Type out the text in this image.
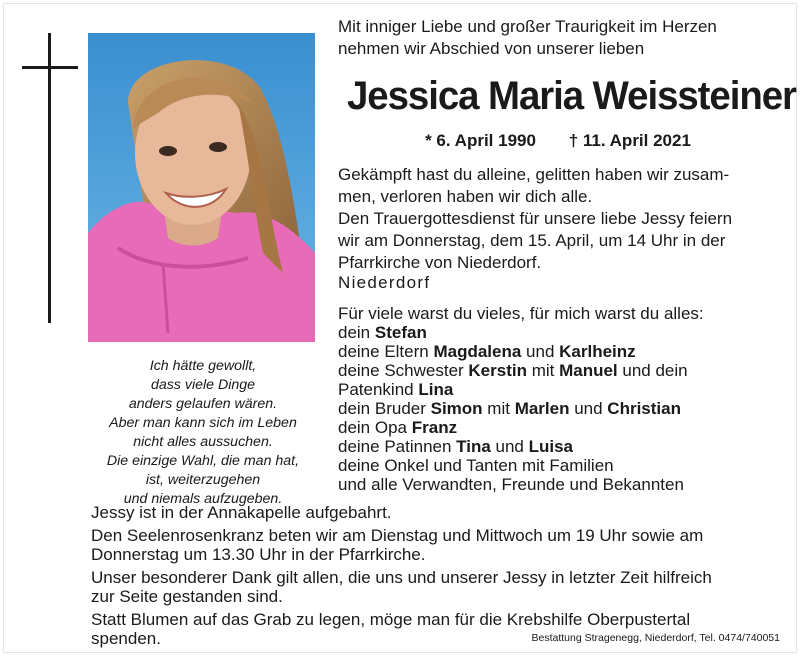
Ich hätte gewollt,
dass viele Dinge
anders gelaufen wären.
Aber man kann sich im Leben
nicht alles aussuchen.
Die einzige Wahl, die man hat,
ist, weiterzugehen
und niemals aufzugeben.
Mit inniger Liebe und großer Traurigkeit im Herzen
nehmen wir Abschied von unserer lieben
Jessica Maria Weissteiner
* 6. April 1990 † 11. April 2021
Gekämpft hast du alleine, gelitten haben wir zusam-
men, verloren haben wir dich alle.
Den Trauergottesdienst für unsere liebe Jessy feiern
wir am Donnerstag, dem 15. April, um 14 Uhr in der
Pfarrkirche von Niederdorf.
Niederdorf
Für viele warst du vieles, für mich warst du alles:
dein Stefan
deine Eltern Magdalena und Karlheinz
deine Schwester Kerstin mit Manuel und dein
Patenkind Lina
dein Bruder Simon mit Marlen und Christian
dein Opa Franz
deine Patinnen Tina und Luisa
deine Onkel und Tanten mit Familien
und alle Verwandten, Freunde und Bekannten
Jessy ist in der Annakapelle aufgebahrt.
Den Seelenrosenkranz beten wir am Dienstag und Mittwoch um 19 Uhr sowie am
Donnerstag um 13.30 Uhr in der Pfarrkirche.
Unser besonderer Dank gilt allen, die uns und unserer Jessy in letzter Zeit hilfreich
zur Seite gestanden sind.
Statt Blumen auf das Grab zu legen, möge man für die Krebshilfe Oberpustertal
spenden.	Bestattung Stragenegg, Niederdorf, Tel. 0474/740051
